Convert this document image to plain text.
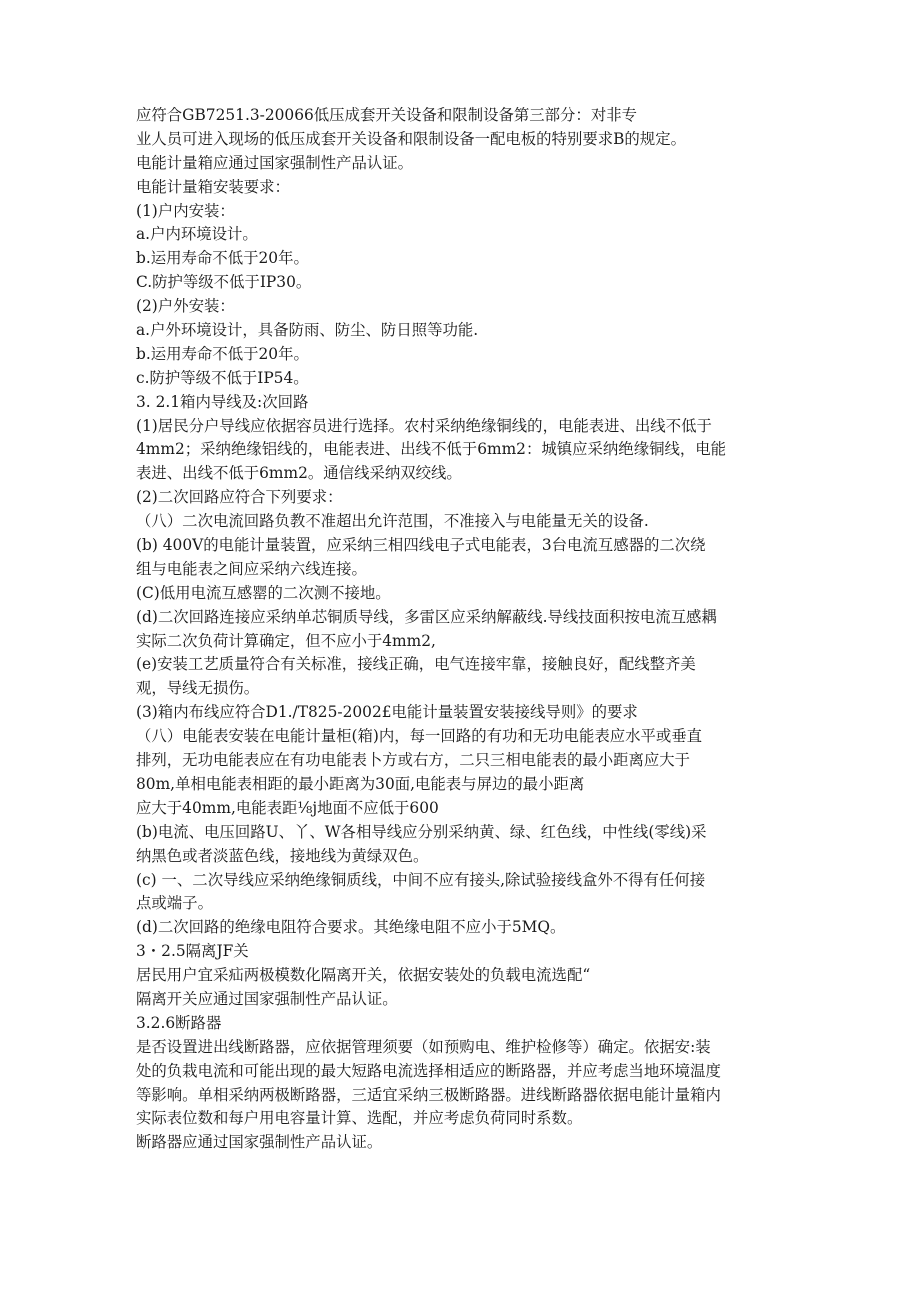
应符合GB7251.3-20066低压成套开关设备和限制设备第三部分：对非专
业人员可进入现场的低压成套开关设备和限制设备一配电板的特别要求B的规定。
电能计量箱应通过国家强制性产品认证。
电能计量箱安装要求：
(1)户内安装：
a.户内环境设计。
b.运用寿命不低于20年。
C.防护等级不低于IP30。
(2)户外安装：
a.户外环境设计，具备防雨、防尘、防日照等功能.
b.运用寿命不低于20年。
c.防护等级不低于IP54。
3. 2.1箱内导线及:次回路
(1)居民分户导线应依据容员进行选择。农村采纳绝缘铜线的，电能表进、出线不低于
4mm2；采纳绝缘铝线的，电能表进、出线不低于6mm2：城镇应采纳绝缘铜线，电能
表进、出线不低于6mm2。通信线采纳双绞线。
(2)二次回路应符合下列要求：
（八）二次电流回路负教不准超出允许范围，不准接入与电能量无关的设备.
(b) 400V的电能计量装置，应采纳三相四线电子式电能表，3台电流互感器的二次绕
组与电能表之间应采纳六线连接。
(C)低用电流互感罂的二次测不接地。
(d)二次回路连接应采纳单芯铜质导线，多雷区应采纳解蔽线.导线技面积按电流互感耦
实际二次负荷计算确定，但不应小于4mm2,
(e)安装工艺质量符合有关标准，接线正确，电气连接牢靠，接触良好，配线整齐美
观，导线无损伤。
(3)箱内布线应符合D1./T825-2002£电能计量装置安装接线导则》的要求
（八）电能表安装在电能计量柜(箱)内，每一回路的有功和无功电能表应水平或垂直
排列，无功电能表应在有功电能表卜方或右方，二只三相电能表的最小距离应大于
80m,单相电能表相距的最小距离为30面,电能表与屏边的最小距离
应大于40mm,电能表距⅛j地面不应低于600
(b)电流、电压回路U、丫、W各相导线应分别采纳黄、绿、红色线，中性线(零线)采
纳黑色或者淡蓝色线，接地线为黄绿双色。
(c) 一、二次导线应采纳绝缘铜质线，中间不应有接头,除试验接线盒外不得有任何接
点或端子。
(d)二次回路的绝缘电阻符合要求。其绝缘电阻不应小于5MQ。
3・2.5隔离JF关
居民用户宜采疝两极模数化隔离开关，依据安装处的负载电流选配“
隔离开关应通过国家强制性产品认证。
3.2.6断路器
是否设置进出线断路器，应依据管理须要（如预购电、维护检修等）确定。依据安:装
处的负栽电流和可能出现的最大短路电流选择相适应的断路器，并应考虑当地环境温度
等影响。单相采纳两极断路器，三适宜采纳三极断路器。进线断路器依据电能计量箱内
实际表位数和每户用电容量计算、选配，并应考虑负荷同时系数。
断路器应通过国家强制性产品认证。
